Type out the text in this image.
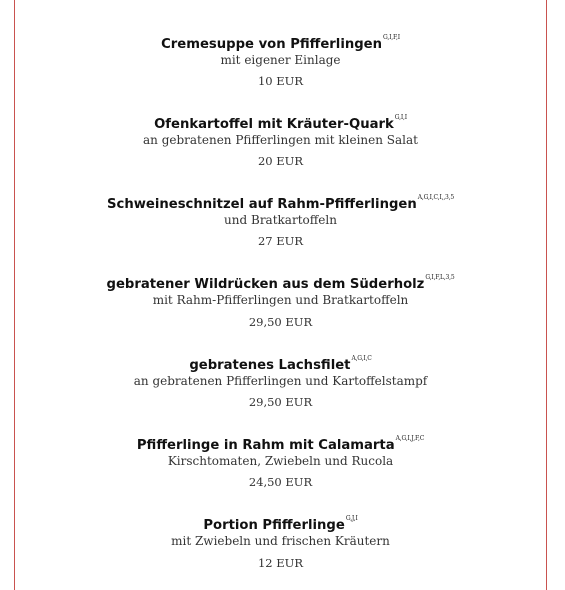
Cremesuppe von Pfifferlingen$^{G,I,F,I}$
mit eigener Einlage
10 EUR
Ofenkartoffel mit Kräuter-Quark$^{G,I,I}$
an gebratenen Pfifferlingen mit kleinen Salat
20 EUR
Schweineschnitzel auf Rahm-Pfifferlingen$^{A,G,I,C,I,,3,5}$
und Bratkartoffeln
27 EUR
gebratener Wildrücken aus dem Süderholz$^{G,I,F,L,3,5}$
mit Rahm-Pfifferlingen und Bratkartoffeln
29,50 EUR
gebratenes Lachsfilet$^{A,G,I,C}$
an gebratenen Pfifferlingen und Kartoffelstampf
29,50 EUR
Pfifferlinge in Rahm mit Calamarta$^{A,G,I,J,F,C}$
Kirschtomaten, Zwiebeln und Rucola
24,50 EUR
Portion Pfifferlinge$^{G,J,I}$
mit Zwiebeln und frischen Kräutern
12 EUR
